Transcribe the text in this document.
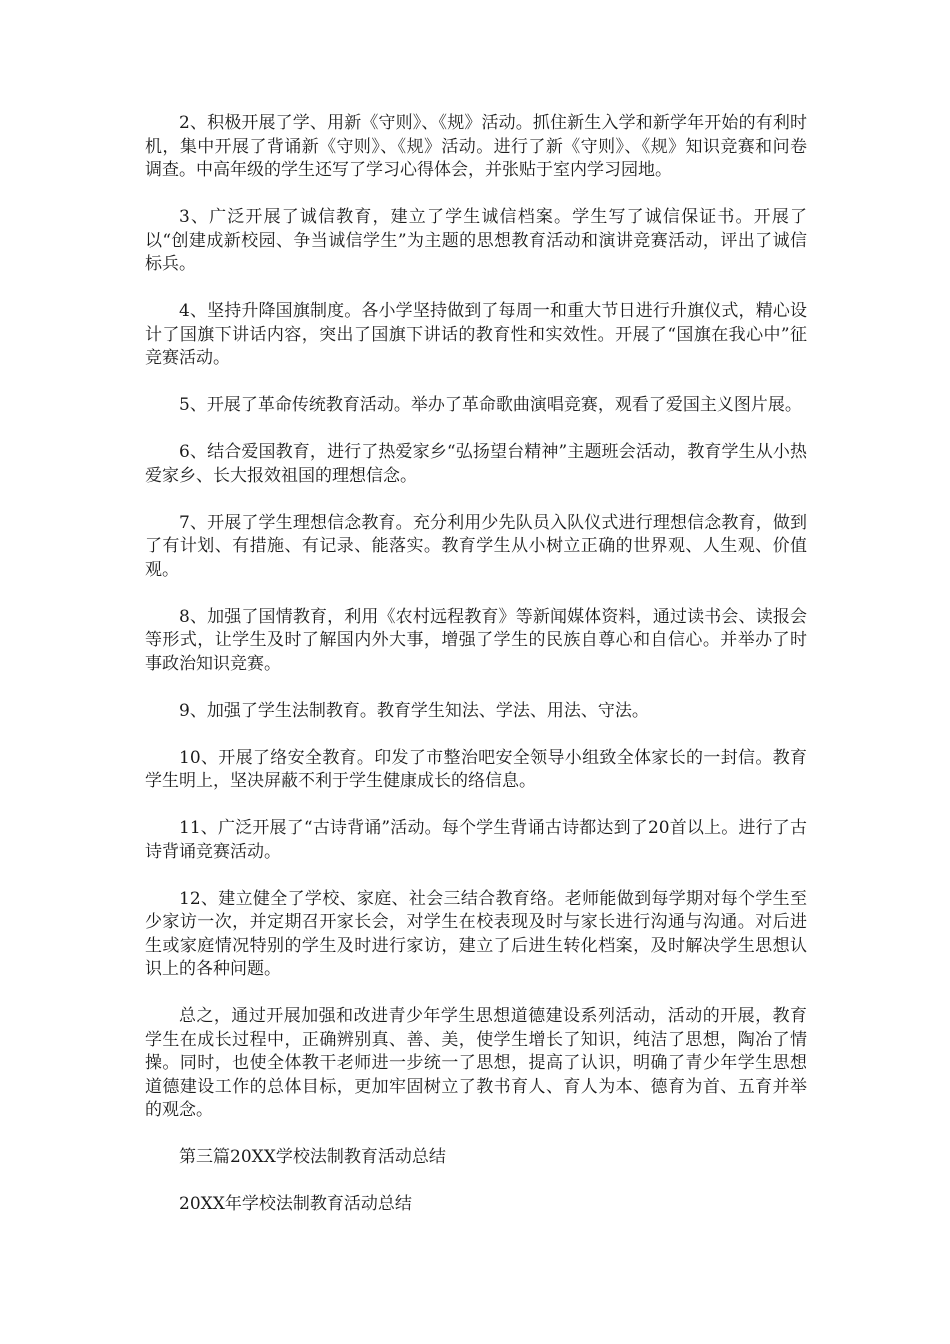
2、积极开展了学、用新《守则》、《规》活动。抓住新生入学和新学年开始的有利时机，集中开展了背诵新《守则》、《规》活动。进行了新《守则》、《规》知识竞赛和问卷调查。中高年级的学生还写了学习心得体会，并张贴于室内学习园地。

3、广泛开展了诚信教育，建立了学生诚信档案。学生写了诚信保证书。开展了以“创建成新校园、争当诚信学生”为主题的思想教育活动和演讲竞赛活动，评出了诚信标兵。

4、坚持升降国旗制度。各小学坚持做到了每周一和重大节日进行升旗仪式，精心设计了国旗下讲话内容，突出了国旗下讲话的教育性和实效性。开展了“国旗在我心中”征竞赛活动。

5、开展了革命传统教育活动。举办了革命歌曲演唱竞赛，观看了爱国主义图片展。

6、结合爱国教育，进行了热爱家乡“弘扬望台精神”主题班会活动，教育学生从小热爱家乡、长大报效祖国的理想信念。

7、开展了学生理想信念教育。充分利用少先队员入队仪式进行理想信念教育，做到了有计划、有措施、有记录、能落实。教育学生从小树立正确的世界观、人生观、价值观。

8、加强了国情教育，利用《农村远程教育》等新闻媒体资料，通过读书会、读报会等形式，让学生及时了解国内外大事，增强了学生的民族自尊心和自信心。并举办了时事政治知识竞赛。

9、加强了学生法制教育。教育学生知法、学法、用法、守法。

10、开展了络安全教育。印发了市整治吧安全领导小组致全体家长的一封信。教育学生明上，坚决屏蔽不利于学生健康成长的络信息。

11、广泛开展了“古诗背诵”活动。每个学生背诵古诗都达到了20首以上。进行了古诗背诵竞赛活动。

12、建立健全了学校、家庭、社会三结合教育络。老师能做到每学期对每个学生至少家访一次，并定期召开家长会，对学生在校表现及时与家长进行沟通与沟通。对后进生或家庭情况特别的学生及时进行家访，建立了后进生转化档案，及时解决学生思想认识上的各种问题。

总之，通过开展加强和改进青少年学生思想道德建设系列活动，活动的开展，教育学生在成长过程中，正确辨别真、善、美，使学生增长了知识，纯洁了思想，陶冶了情操。同时，也使全体教干老师进一步统一了思想，提高了认识，明确了青少年学生思想道德建设工作的总体目标，更加牢固树立了教书育人、育人为本、德育为首、五育并举的观念。

第三篇20XX学校法制教育活动总结

20XX年学校法制教育活动总结
